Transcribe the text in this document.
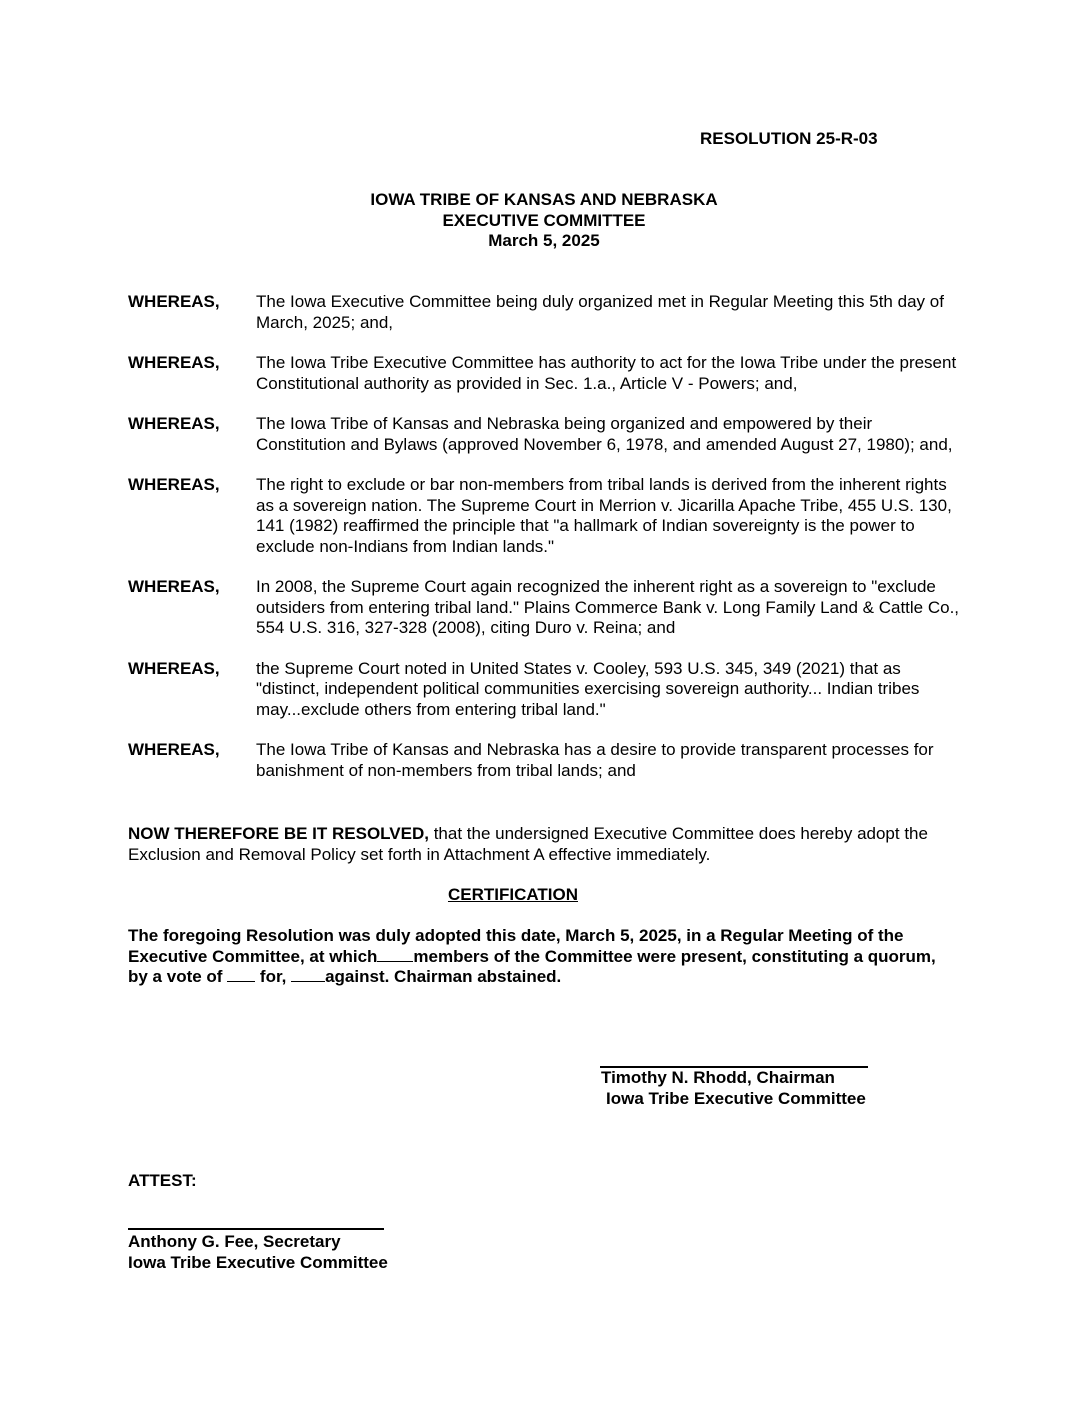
RESOLUTION 25-R-03
IOWA TRIBE OF KANSAS AND NEBRASKA
EXECUTIVE COMMITTEE
March 5, 2025
WHEREAS,	The Iowa Executive Committee being duly organized met in Regular Meeting this 5th day of March, 2025; and,
WHEREAS,	The Iowa Tribe Executive Committee has authority to act for the Iowa Tribe under the present Constitutional authority as provided in Sec. 1.a., Article V - Powers; and,
WHEREAS,	The Iowa Tribe of Kansas and Nebraska being organized and empowered by their Constitution and Bylaws (approved November 6, 1978, and amended August 27, 1980); and,
WHEREAS,	The right to exclude or bar non-members from tribal lands is derived from the inherent rights as a sovereign nation. The Supreme Court in Merrion v. Jicarilla Apache Tribe, 455 U.S. 130, 141 (1982) reaffirmed the principle that "a hallmark of Indian sovereignty is the power to exclude non-Indians from Indian lands."
WHEREAS,	In 2008, the Supreme Court again recognized the inherent right as a sovereign to "exclude outsiders from entering tribal land." Plains Commerce Bank v. Long Family Land & Cattle Co., 554 U.S. 316, 327-328 (2008), citing Duro v. Reina; and
WHEREAS,	the Supreme Court noted in United States v. Cooley, 593 U.S. 345, 349 (2021) that as "distinct, independent political communities exercising sovereign authority... Indian tribes may...exclude others from entering tribal land."
WHEREAS,	The Iowa Tribe of Kansas and Nebraska has a desire to provide transparent processes for banishment of non-members from tribal lands; and
NOW THEREFORE BE IT RESOLVED, that the undersigned Executive Committee does hereby adopt the Exclusion and Removal Policy set forth in Attachment A effective immediately.
CERTIFICATION
The foregoing Resolution was duly adopted this date, March 5, 2025, in a Regular Meeting of the Executive Committee, at which members of the Committee were present, constituting a quorum, by a vote of  for, against. Chairman abstained.
Timothy N. Rhodd, Chairman
Iowa Tribe Executive Committee
ATTEST:
Anthony G. Fee, Secretary
Iowa Tribe Executive Committee
